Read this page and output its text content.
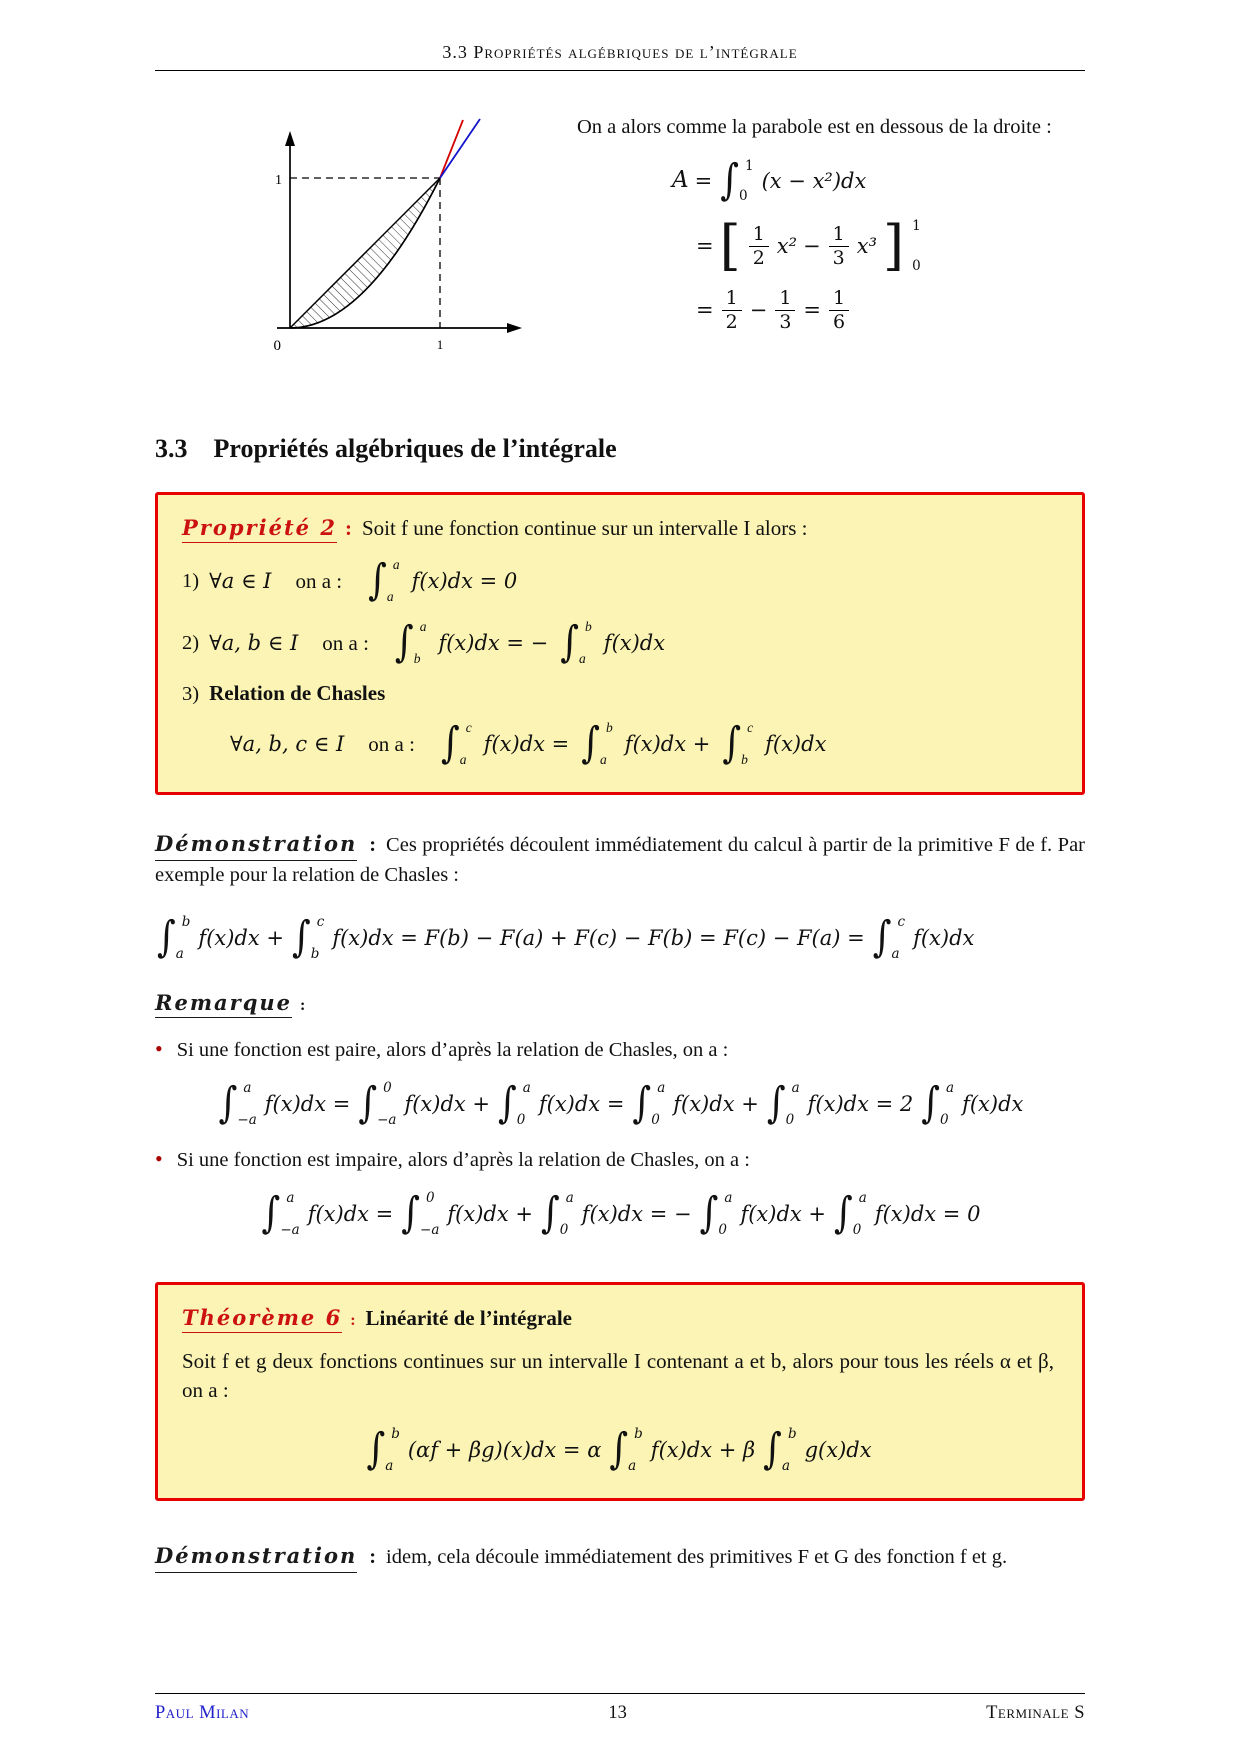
3.3 Propriétés algébriques de l’intégrale
0
1
1

On a alors comme la parabole est en dessous de la droite :

A = ∫ 1
0
(x − x²)dx
= [ $\frac{1}{2} x^2 - \frac{1}{3} x^3$ ] 1
0
= $\frac{1}{2} - \frac{1}{3} = \frac{1}{6}$
3.3 Propriétés algébriques de l’intégrale
Propriété 2 : Soit f une fonction continue sur un intervalle I alors :
1) ∀a ∈ I on a : ∫ a
a
f(x)dx = 0
2) ∀a, b ∈ I on a : ∫ a
b
f(x)dx = − ∫ b
a
f(x)dx
3) Relation de Chasles
∀a, b, c ∈ I on a : ∫ c
a
f(x)dx = ∫ b
a
f(x)dx + ∫ c
b
f(x)dx

Démonstration : Ces propriétés découlent immédiatement du calcul à partir de la primitive F de f. Par exemple pour la relation de Chasles :

∫ b
a
f(x)dx + ∫ c
b
f(x)dx = F(b) − F(a) + F(c) − F(b) = F(c) − F(a) = ∫ c
a
f(x)dx
Remarque :
• Si une fonction est paire, alors d’après la relation de Chasles, on a :
∫ a
−a
f(x)dx = ∫ 0
−a
f(x)dx + ∫ a
0
f(x)dx = ∫ a
0
f(x)dx + ∫ a
0
f(x)dx = 2 ∫ a
0
f(x)dx
• Si une fonction est impaire, alors d’après la relation de Chasles, on a :
∫ a
−a
f(x)dx = ∫ 0
−a
f(x)dx + ∫ a
0
f(x)dx = − ∫ a
0
f(x)dx + ∫ a
0
f(x)dx = 0
Théorème 6 : Linéarité de l’intégrale
Soit f et g deux fonctions continues sur un intervalle I contenant a et b, alors pour tous les réels α et β, on a :
∫ b
a
(αf + βg)(x)dx = α ∫ b
a
f(x)dx + β ∫ b
a
g(x)dx

Démonstration : idem, cela découle immédiatement des primitives F et G des fonction f et g.

Paul Milan	13	Terminale S
